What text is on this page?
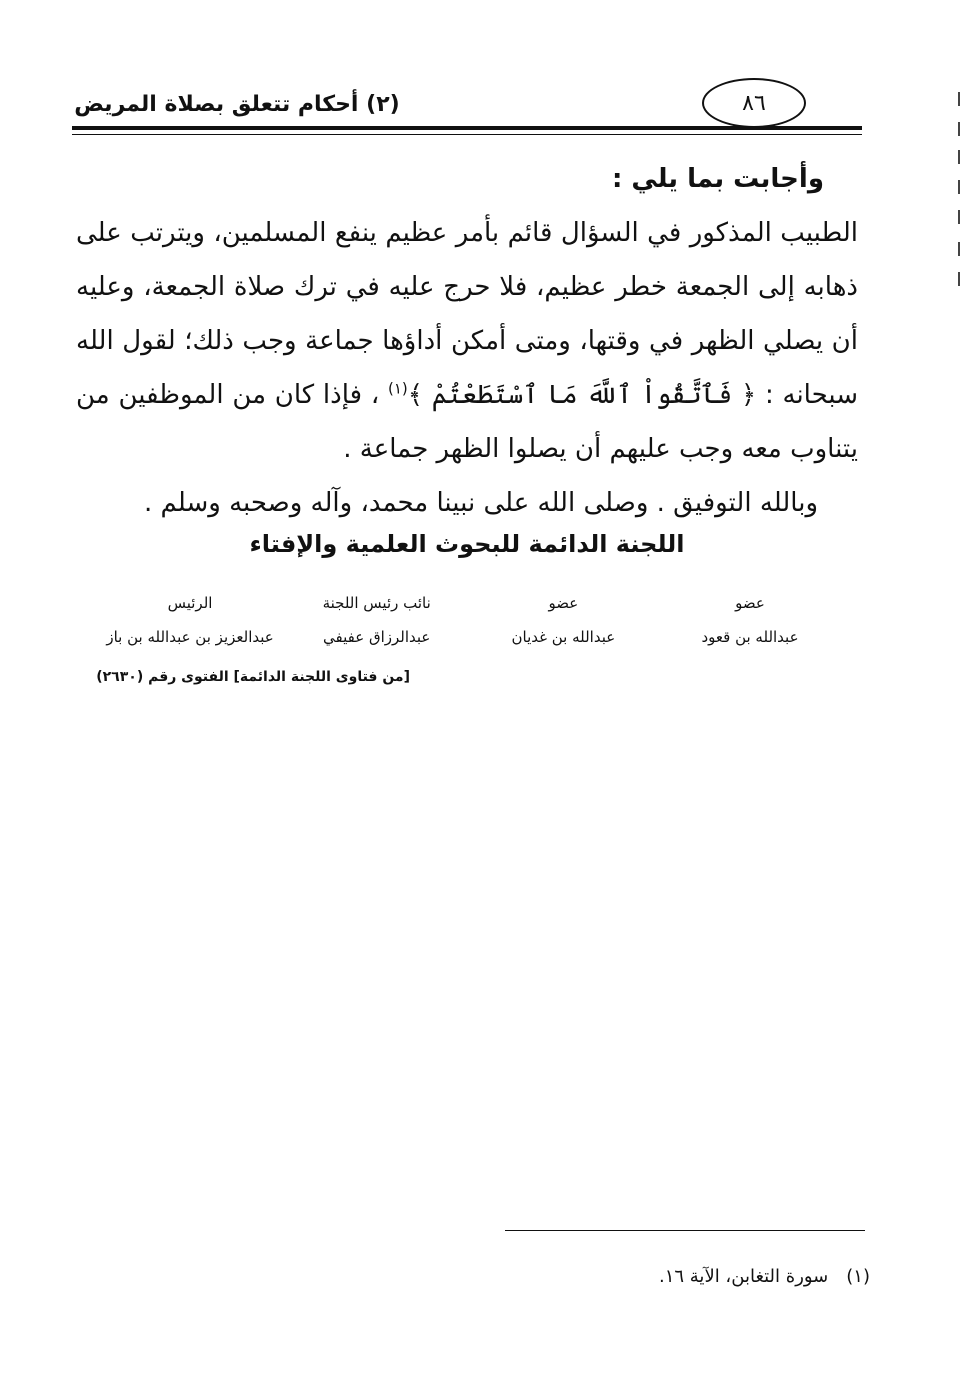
(٢) أحكام تتعلق بصلاة المريض	٨٦

وأجابت بما يلي :

الطبيب المذكور في السؤال قائم بأمر عظيم ينفع المسلمين، ويترتب على ذهابه إلى الجمعة خطر عظيم، فلا حرج عليه في ترك صلاة الجمعة، وعليه أن يصلي الظهر في وقتها، ومتى أمكن أداؤها جماعة وجب ذلك؛ لقول الله سبحانه : ﴿ فَٱتَّقُواْ ٱللَّهَ مَا ٱسْتَطَعْتُمْ ﴾$^{(١)}$ ، فإذا كان من الموظفين من يتناوب معه وجب عليهم أن يصلوا الظهر جماعة .

وبالله التوفيق . وصلى الله على نبينا محمد، وآله وصحبه وسلم .

اللجنة الدائمة للبحوث العلمية والإفتاء
عضو
عبدالله بن قعود
عضو
عبدالله بن غديان
نائب رئيس اللجنة
عبدالرزاق عفيفي
الرئيس
عبدالعزيز بن عبدالله بن باز
[من فتاوى اللجنة الدائمة] الفتوى رقم (٢٦٣٠)
(١)سورة التغابن، الآية ١٦.
